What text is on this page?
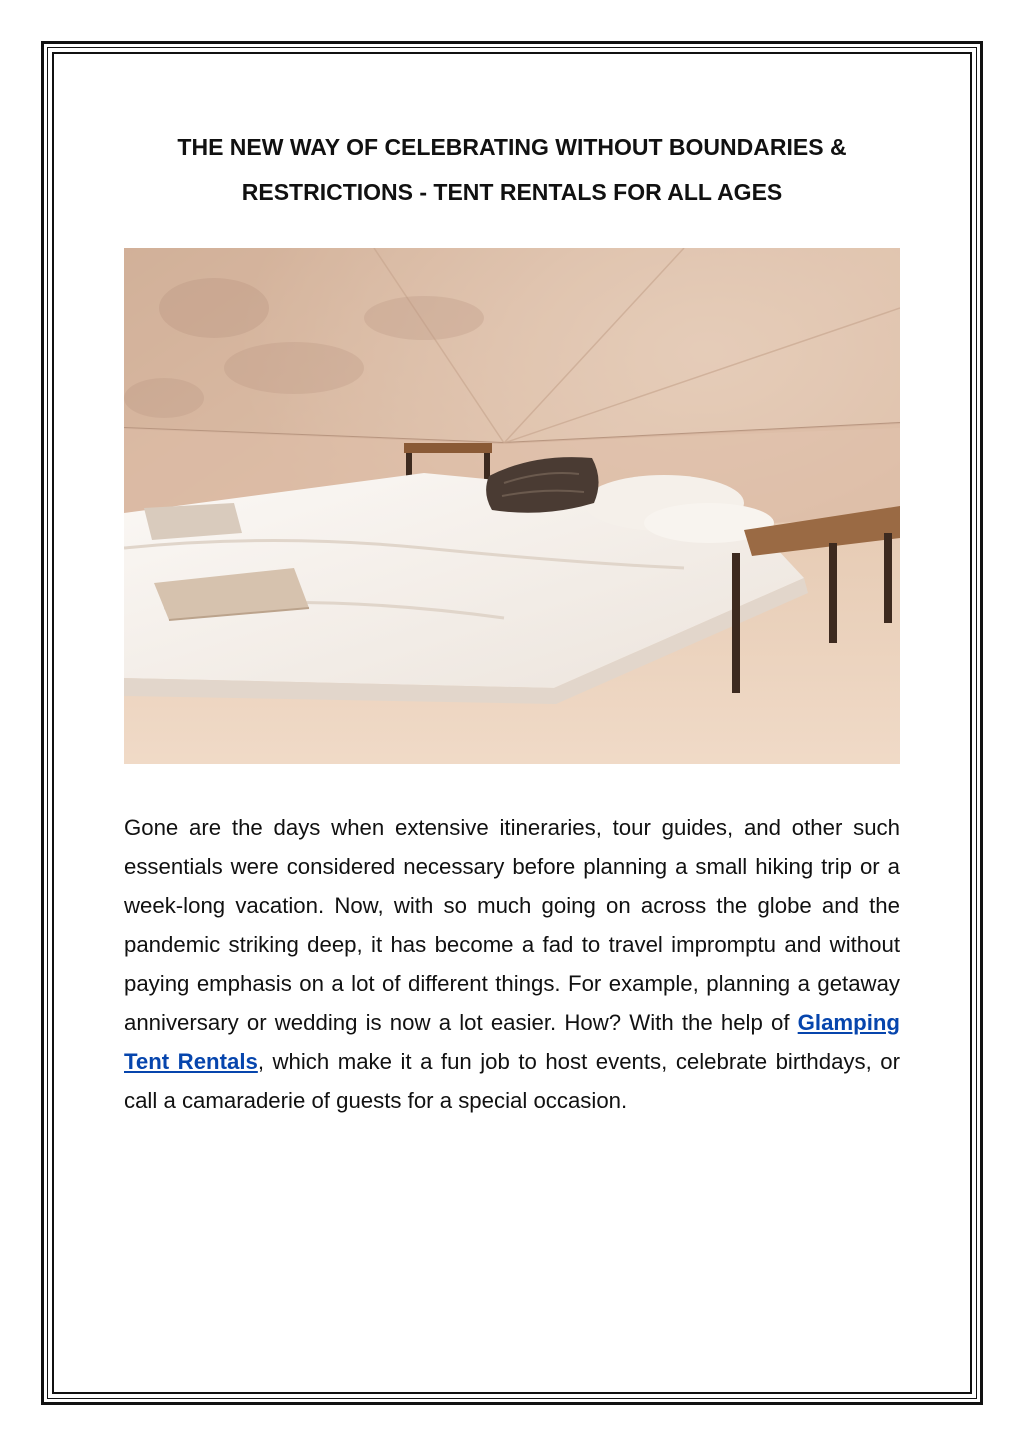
THE NEW WAY OF CELEBRATING WITHOUT BOUNDARIES & RESTRICTIONS - TENT RENTALS FOR ALL AGES

Gone are the days when extensive itineraries, tour guides, and other such essentials were considered necessary before planning a small hiking trip or a week-long vacation. Now, with so much going on across the globe and the pandemic striking deep, it has become a fad to travel impromptu and without paying emphasis on a lot of different things. For example, planning a getaway anniversary or wedding is now a lot easier. How? With the help of Glamping Tent Rentals, which make it a fun job to host events, celebrate birthdays, or call a camaraderie of guests for a special occasion.
